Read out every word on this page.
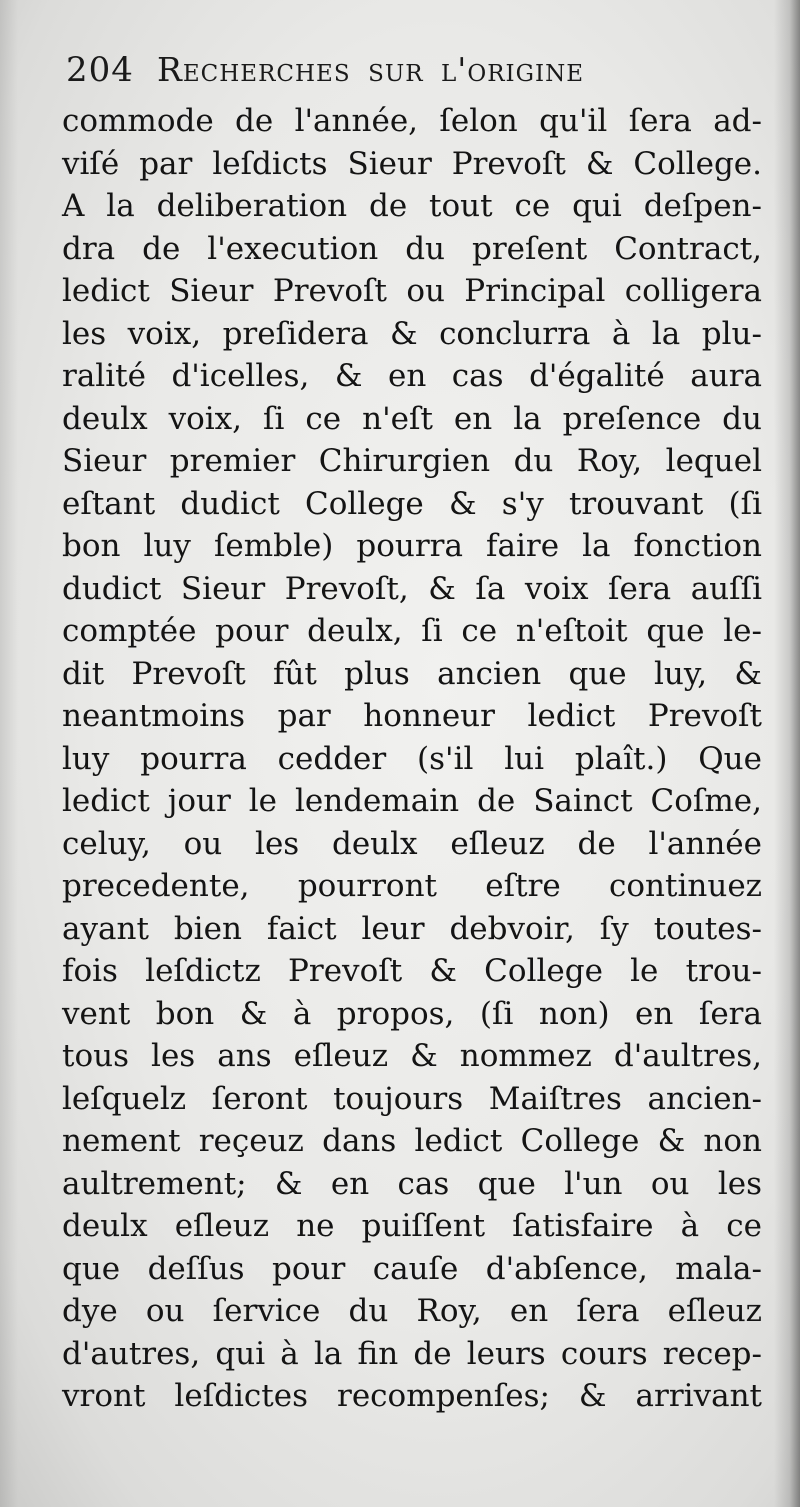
204 Recherches sur l'origine
commode de l'année, ſelon qu'il ſera ad-
viſé par leſdicts Sieur Prevoſt & College.
A la deliberation de tout ce qui deſpen-
dra de l'execution du preſent Contract,
ledict Sieur Prevoſt ou Principal colligera
les voix, preſidera & conclurra à la plu-
ralité d'icelles, & en cas d'égalité aura
deulx voix, ſi ce n'eſt en la preſence du
Sieur premier Chirurgien du Roy, lequel
eſtant dudict College & s'y trouvant (ſi
bon luy ſemble) pourra faire la fonction
dudict Sieur Prevoſt, & ſa voix ſera auſſi
comptée pour deulx, ſi ce n'eſtoit que le-
dit Prevoſt fût plus ancien que luy, &
neantmoins par honneur ledict Prevoſt
luy pourra cedder (s'il lui plaît.) Que
ledict jour le lendemain de Sainct Coſme,
celuy, ou les deulx eſleuz de l'année
precedente, pourront eſtre continuez
ayant bien faict leur debvoir, ſy toutes-
fois leſdictz Prevoſt & College le trou-
vent bon & à propos, (ſi non) en ſera
tous les ans eſleuz & nommez d'aultres,
leſquelz ſeront toujours Maiſtres ancien-
nement reçeuz dans ledict College & non
aultrement; & en cas que l'un ou les
deulx eſleuz ne puiſſent ſatisfaire à ce
que deſſus pour cauſe d'abſence, mala-
dye ou ſervice du Roy, en ſera eſleuz
d'autres, qui à la fin de leurs cours recep-
vront leſdictes recompenſes; & arrivant
